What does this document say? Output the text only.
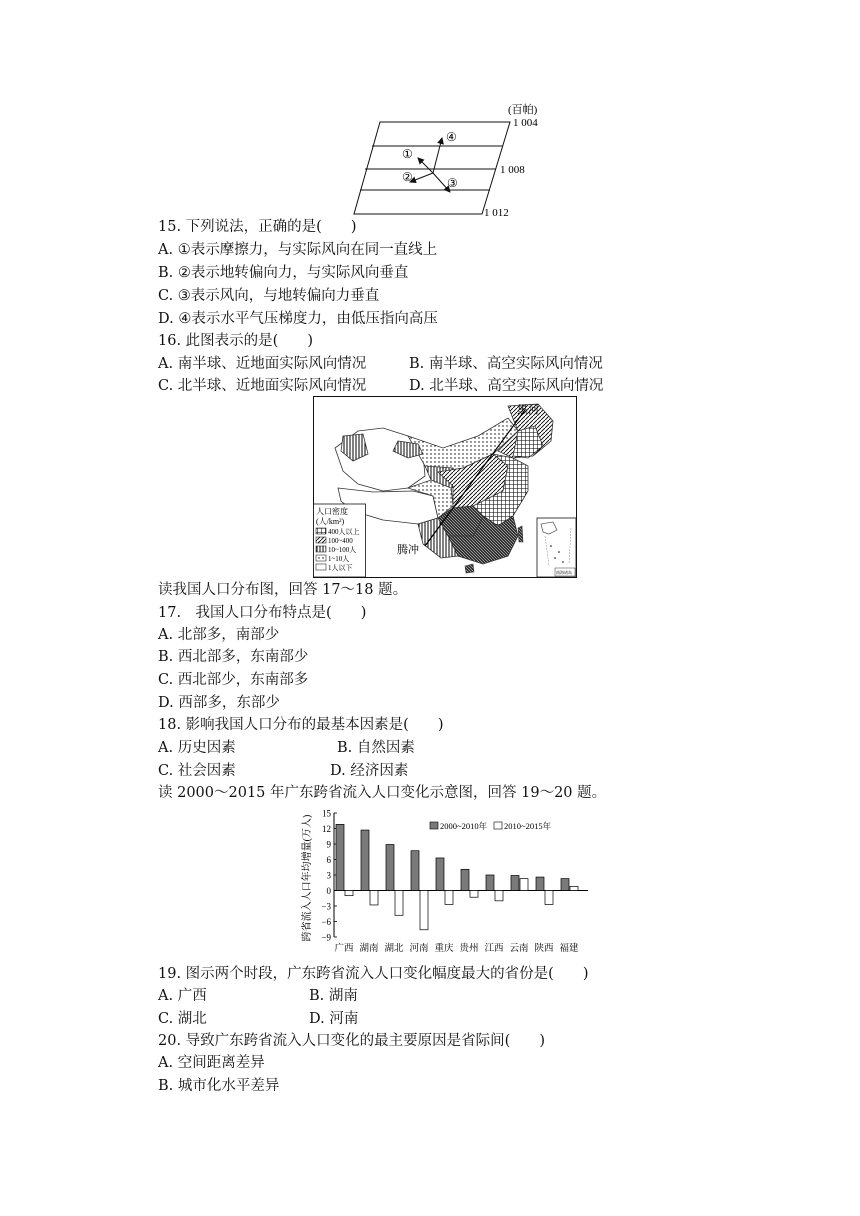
(百帕)
1 004
1 008
1 012
①
②	③
④
15. 下列说法，正确的是(　　)
A. ①表示摩擦力，与实际风向在同一直线上
B. ②表示地转偏向力，与实际风向垂直
C. ③表示风向，与地转偏向力垂直
D. ④表示水平气压梯度力，由低压指向高压
16. 此图表示的是(　　)
A. 南半球、近地面实际风向情况	B. 南半球、高空实际风向情况
C. 北半球、近地面实际风向情况	D. 北半球、高空实际风向情况
黑河
腾冲
人口密度
(人/km²)
400人以上
100~400
10~100人
1~10人
1人以下
南海诸岛
读我国人口分布图，回答 17～18 题。
17.　我国人口分布特点是(　　)
A. 北部多，南部少
B. 西北部多，东南部少
C. 西北部少，东南部多
D. 西部多，东部少
18. 影响我国人口分布的最基本因素是(　　)
A. 历史因素	B. 自然因素
C. 社会因素	D. 经济因素
读 2000～2015 年广东跨省流入人口变化示意图，回答 19～20 题。
跨省流入人口年均增量(万人)
15
12
9
6
3
0
−3
−6
−9
广西 湖南 湖北 河南 重庆 贵州 江西 云南 陕西 福建
2000~2010年 2010~2015年
19. 图示两个时段，广东跨省流入人口变化幅度最大的省份是(　　)
A. 广西	B. 湖南
C. 湖北	D. 河南
20. 导致广东跨省流入人口变化的最主要原因是省际间(　　)
A. 空间距离差异
B. 城市化水平差异
